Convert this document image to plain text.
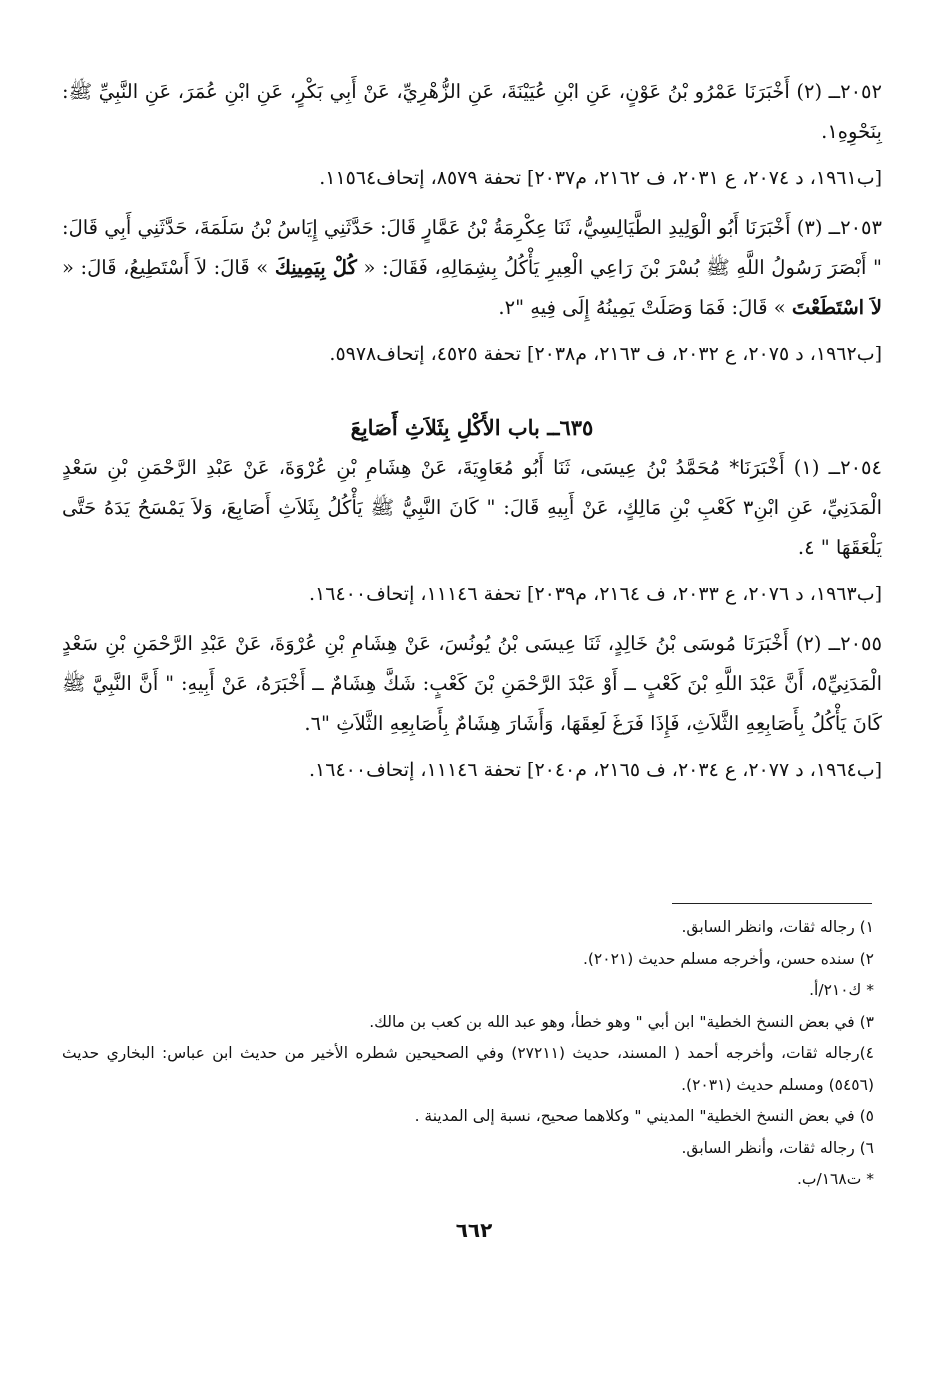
٢٠٥٢ــ (٢) أَخْبَرَنَا عَمْرُو بْنُ عَوْنٍ، عَنِ ابْنِ عُيَيْنَةَ، عَنِ الزُّهْرِيِّ، عَنْ أَبِي بَكْرٍ، عَنِ ابْنِ عُمَرَ، عَنِ النَّبِيِّ ﷺ: بِنَحْوِهِ١.

[ب١٩٦١، د ٢٠٧٤، ع ٢٠٣١، ف ٢١٦٢، م٢٠٣٧] تحفة ٨٥٧٩، إتحاف١١٥٦٤.

٢٠٥٣ــ (٣) أَخْبَرَنَا أَبُو الْوَلِيدِ الطَّيَالِسِيُّ، ثَنَا عِكْرِمَةُ بْنُ عَمَّارٍ قَالَ: حَدَّثَنِي إِيَاسُ بْنُ سَلَمَةَ، حَدَّثَنِي أَبِي قَالَ: " أَبْصَرَ رَسُولُ اللَّهِ ﷺ بُسْرَ بْنَ رَاعِي الْعِيرِ يَأْكُلُ بِشِمَالِهِ، فَقَالَ: « كُلْ بِيَمِينِكَ » قَالَ: لاَ أَسْتَطِيعُ، قَالَ: « لاَ اسْتَطَعْتَ » قَالَ: فَمَا وَصَلَتْ يَمِينُهُ إِلَى فِيهِ "٢.

[ب١٩٦٢، د ٢٠٧٥، ع ٢٠٣٢، ف ٢١٦٣، م٢٠٣٨] تحفة ٤٥٢٥، إتحاف٥٩٧٨.

٦٣٥ــ باب الأَكْلِ بِثَلاَثِ أَصَابِعَ

٢٠٥٤ــ (١) أَخْبَرَنَا* مُحَمَّدُ بْنُ عِيسَى، ثَنَا أَبُو مُعَاوِيَةَ، عَنْ هِشَامِ بْنِ عُرْوَةَ، عَنْ عَبْدِ الرَّحْمَنِ بْنِ سَعْدٍ الْمَدَنِيِّ، عَنِ ابْنِ٣ كَعْبِ بْنِ مَالِكٍ، عَنْ أَبِيهِ قَالَ: " كَانَ النَّبِيُّ ﷺ يَأْكُلُ بِثَلاَثِ أَصَابِعَ، وَلاَ يَمْسَحُ يَدَهُ حَتَّى يَلْعَقَهَا " ٤.

[ب١٩٦٣، د ٢٠٧٦، ع ٢٠٣٣، ف ٢١٦٤، م٢٠٣٩] تحفة ١١١٤٦، إتحاف١٦٤٠٠.

٢٠٥٥ــ (٢) أَخْبَرَنَا مُوسَى بْنُ خَالِدٍ، ثَنَا عِيسَى بْنُ يُونُسَ، عَنْ هِشَامِ بْنِ عُرْوَةَ، عَنْ عَبْدِ الرَّحْمَنِ بْنِ سَعْدٍ الْمَدَنِيِّ٥، أَنَّ عَبْدَ اللَّهِ بْنَ كَعْبٍ ــ أَوْ عَبْدَ الرَّحْمَنِ بْنَ كَعْبٍ: شَكَّ هِشَامٌ ــ أَخْبَرَهُ، عَنْ أَبِيهِ: " أَنَّ النَّبِيَّ ﷺ كَانَ يَأْكُلُ بِأَصَابِعِهِ الثَّلاَثِ، فَإِذَا فَرَغَ لَعِقَهَا، وَأَشَارَ هِشَامٌ بِأَصَابِعِهِ الثَّلاَثِ "٦.

[ب١٩٦٤، د ٢٠٧٧، ع ٢٠٣٤، ف ٢١٦٥، م٢٠٤٠] تحفة ١١١٤٦، إتحاف١٦٤٠٠.

١) رجاله ثقات، وانظر السابق.

٢) سنده حسن، وأخرجه مسلم حديث (٢٠٢١).

* ك٢١٠/أ.

٣) في بعض النسخ الخطية" ابن أبي " وهو خطأ، وهو عبد الله بن كعب بن مالك.

٤)رجاله ثقات، وأخرجه أحمد ( المسند، حديث (٢٧٢١١) وفي الصحيحين شطره الأخير من حديث ابن عباس: البخاري حديث (٥٤٥٦) ومسلم حديث (٢٠٣١).

٥) في بعض النسخ الخطية" المديني " وكلاهما صحيح، نسبة إلى المدينة .

٦) رجاله ثقات، وأنظر السابق.

* ت١٦٨/ب.

٦٦٢
